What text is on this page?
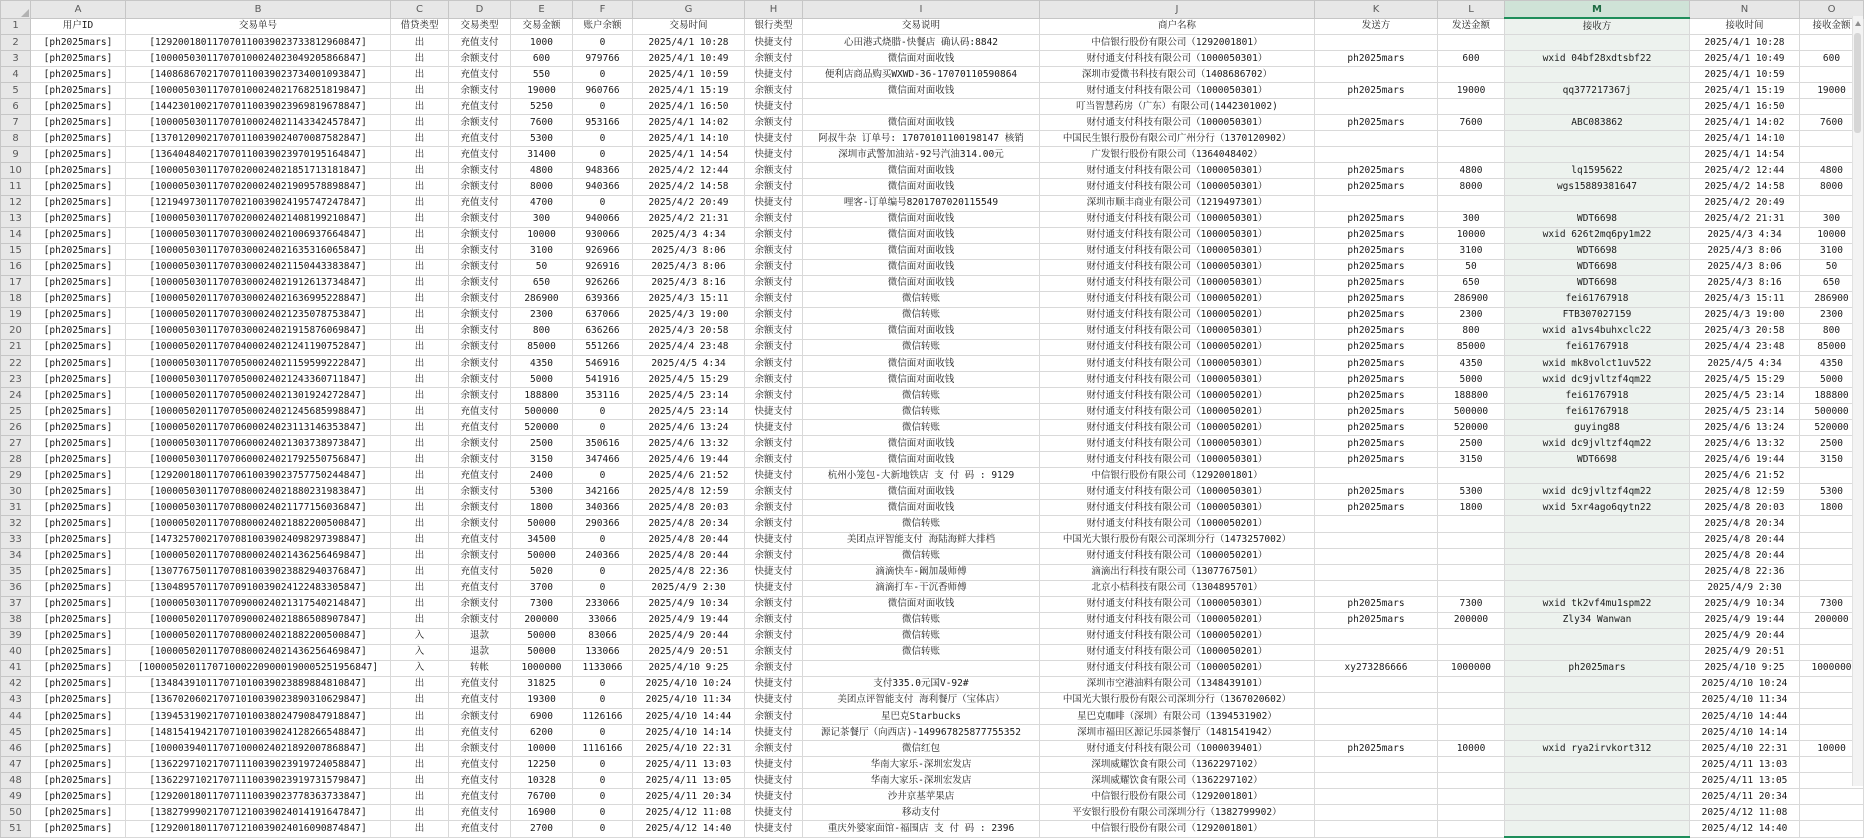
	A	B	C	D	E	F	G	H	I	J	K	L	M	N	O
1	用户ID	交易单号	借贷类型	交易类型	交易金额	账户余额	交易时间	银行类型	交易说明	商户名称	发送方	发送金额	接收方	接收时间	接收金额
2	[ph2025mars]	[129200180117070110039023733812960847]	出	充值支付	1000	0	2025/4/1 10:28	快捷支付	心田港式烧腊-快餐店 确认码:8842	中信银行股份有限公司（1292001801）				2025/4/1 10:28	
3	[ph2025mars]	[100005030117070100024023049205866847]	出	余额支付	600	979766	2025/4/1 10:49	余额支付	微信面对面收钱	财付通支付科技有限公司（1000050301）	ph2025mars	600	wxid 04bf28xdtsbf22	2025/4/1 10:49	600
4	[ph2025mars]	[140868670217070110039023734001093847]	出	充值支付	550	0	2025/4/1 10:59	快捷支付	便利店商品购买WXWD-36-17070110590864	深圳市爱微书科技有限公司（1408686702）				2025/4/1 10:59	
5	[ph2025mars]	[100005030117070100024021768251819847]	出	余额支付	19000	960766	2025/4/1 15:19	余额支付	微信面对面收钱	财付通支付科技有限公司（1000050301）	ph2025mars	19000	qq377217367j	2025/4/1 15:19	19000
6	[ph2025mars]	[144230100217070110039023969819678847]	出	充值支付	5250	0	2025/4/1 16:50	快捷支付		叮当智慧药房（广东）有限公司(1442301002)				2025/4/1 16:50	
7	[ph2025mars]	[100005030117070100024021143342457847]	出	余额支付	7600	953166	2025/4/1 14:02	余额支付	微信面对面收钱	财付通支付科技有限公司（1000050301）	ph2025mars	7600	ABC083862	2025/4/1 14:02	7600
8	[ph2025mars]	[137012090217070110039024070087582847]	出	充值支付	5300	0	2025/4/1 14:10	快捷支付	阿叔牛杂 订单号: 17070101100198147 核销	中国民生银行股份有限公司广州分行（1370120902）				2025/4/1 14:10	
9	[ph2025mars]	[136404840217070110039023970195164847]	出	充值支付	31400	0	2025/4/1 14:54	快捷支付	深圳市武警加油站-92号汽油314.00元	广发银行股份有限公司（1364048402）				2025/4/1 14:54	
10	[ph2025mars]	[100005030117070200024021851713181847]	出	余额支付	4800	948366	2025/4/2 12:44	余额支付	微信面对面收钱	财付通支付科技有限公司（1000050301）	ph2025mars	4800	lq1595622	2025/4/2 12:44	4800
11	[ph2025mars]	[100005030117070200024021909578898847]	出	余额支付	8000	940366	2025/4/2 14:58	余额支付	微信面对面收钱	财付通支付科技有限公司（1000050301）	ph2025mars	8000	wgs15889381647	2025/4/2 14:58	8000
12	[ph2025mars]	[121949730117070210039024195747247847]	出	充值支付	4700	0	2025/4/2 20:49	快捷支付	哩客-订单编号8201707020115549	深圳市顺丰商业有限公司（1219497301）				2025/4/2 20:49	
13	[ph2025mars]	[100005030117070200024021408199210847]	出	余额支付	300	940066	2025/4/2 21:31	余额支付	微信面对面收钱	财付通支付科技有限公司（1000050301）	ph2025mars	300	WDT6698	2025/4/2 21:31	300
14	[ph2025mars]	[100005030117070300024021006937664847]	出	余额支付	10000	930066	2025/4/3 4:34	余额支付	微信面对面收钱	财付通支付科技有限公司（1000050301）	ph2025mars	10000	wxid 626t2mq6py1m22	2025/4/3 4:34	10000
15	[ph2025mars]	[100005030117070300024021635316065847]	出	余额支付	3100	926966	2025/4/3 8:06	余额支付	微信面对面收钱	财付通支付科技有限公司（1000050301）	ph2025mars	3100	WDT6698	2025/4/3 8:06	3100
16	[ph2025mars]	[100005030117070300024021150443383847]	出	余额支付	50	926916	2025/4/3 8:06	余额支付	微信面对面收钱	财付通支付科技有限公司（1000050301）	ph2025mars	50	WDT6698	2025/4/3 8:06	50
17	[ph2025mars]	[100005030117070300024021912613734847]	出	余额支付	650	926266	2025/4/3 8:16	余额支付	微信面对面收钱	财付通支付科技有限公司（1000050301）	ph2025mars	650	WDT6698	2025/4/3 8:16	650
18	[ph2025mars]	[100005020117070300024021636995228847]	出	余额支付	286900	639366	2025/4/3 15:11	余额支付	微信转账	财付通支付科技有限公司（1000050201）	ph2025mars	286900	fei61767918	2025/4/3 15:11	286900
19	[ph2025mars]	[100005020117070300024021235078753847]	出	余额支付	2300	637066	2025/4/3 19:00	余额支付	微信转账	财付通支付科技有限公司（1000050201）	ph2025mars	2300	FTB307027159	2025/4/3 19:00	2300
20	[ph2025mars]	[100005030117070300024021915876069847]	出	余额支付	800	636266	2025/4/3 20:58	余额支付	微信面对面收钱	财付通支付科技有限公司（1000050301）	ph2025mars	800	wxid a1vs4buhxclc22	2025/4/3 20:58	800
21	[ph2025mars]	[100005020117070400024021241190752847]	出	余额支付	85000	551266	2025/4/4 23:48	余额支付	微信转账	财付通支付科技有限公司（1000050201）	ph2025mars	85000	fei61767918	2025/4/4 23:48	85000
22	[ph2025mars]	[100005030117070500024021159599222847]	出	余额支付	4350	546916	2025/4/5 4:34	余额支付	微信面对面收钱	财付通支付科技有限公司（1000050301）	ph2025mars	4350	wxid mk8volct1uv522	2025/4/5 4:34	4350
23	[ph2025mars]	[100005030117070500024021243360711847]	出	余额支付	5000	541916	2025/4/5 15:29	余额支付	微信面对面收钱	财付通支付科技有限公司（1000050301）	ph2025mars	5000	wxid dc9jvltzf4qm22	2025/4/5 15:29	5000
24	[ph2025mars]	[100005020117070500024021301924272847]	出	余额支付	188800	353116	2025/4/5 23:14	余额支付	微信转账	财付通支付科技有限公司（1000050201）	ph2025mars	188800	fei61767918	2025/4/5 23:14	188800
25	[ph2025mars]	[100005020117070500024021245685998847]	出	充值支付	500000	0	2025/4/5 23:14	快捷支付	微信转账	财付通支付科技有限公司（1000050201）	ph2025mars	500000	fei61767918	2025/4/5 23:14	500000
26	[ph2025mars]	[100005020117070600024023113146353847]	出	充值支付	520000	0	2025/4/6 13:24	快捷支付	微信转账	财付通支付科技有限公司（1000050201）	ph2025mars	520000	guying88	2025/4/6 13:24	520000
27	[ph2025mars]	[100005030117070600024021303738973847]	出	余额支付	2500	350616	2025/4/6 13:32	余额支付	微信面对面收钱	财付通支付科技有限公司（1000050301）	ph2025mars	2500	wxid dc9jvltzf4qm22	2025/4/6 13:32	2500
28	[ph2025mars]	[100005030117070600024021792550756847]	出	余额支付	3150	347466	2025/4/6 19:44	余额支付	微信面对面收钱	财付通支付科技有限公司（1000050301）	ph2025mars	3150	WDT6698	2025/4/6 19:44	3150
29	[ph2025mars]	[129200180117070610039023757750244847]	出	充值支付	2400	0	2025/4/6 21:52	快捷支付	杭州小笼包-大新地铁店 支 付 码 : 9129	中信银行股份有限公司（1292001801）				2025/4/6 21:52	
30	[ph2025mars]	[100005030117070800024021880231983847]	出	余额支付	5300	342166	2025/4/8 12:59	余额支付	微信面对面收钱	财付通支付科技有限公司（1000050301）	ph2025mars	5300	wxid dc9jvltzf4qm22	2025/4/8 12:59	5300
31	[ph2025mars]	[100005030117070800024021177156036847]	出	余额支付	1800	340366	2025/4/8 20:03	余额支付	微信面对面收钱	财付通支付科技有限公司（1000050301）	ph2025mars	1800	wxid 5xr4ago6qytn22	2025/4/8 20:03	1800
32	[ph2025mars]	[100005020117070800024021882200500847]	出	余额支付	50000	290366	2025/4/8 20:34	余额支付	微信转账	财付通支付科技有限公司（1000050201）				2025/4/8 20:34	
33	[ph2025mars]	[147325700217070810039024098297398847]	出	充值支付	34500	0	2025/4/8 20:44	快捷支付	美团点评智能支付 海陆海鲜大排档	中国光大银行股份有限公司深圳分行（1473257002）				2025/4/8 20:44	
34	[ph2025mars]	[100005020117070800024021436256469847]	出	余额支付	50000	240366	2025/4/8 20:44	余额支付	微信转账	财付通支付科技有限公司（1000050201）				2025/4/8 20:44	
35	[ph2025mars]	[130776750117070810039023882940376847]	出	充值支付	5020	0	2025/4/8 22:36	快捷支付	滴滴快车-阚加晟师傅	滴滴出行科技有限公司（1307767501）				2025/4/8 22:36	
36	[ph2025mars]	[130489570117070910039024122483305847]	出	充值支付	3700	0	2025/4/9 2:30	快捷支付	滴滴打车-干沉香师傅	北京小桔科技有限公司（1304895701）				2025/4/9 2:30	
37	[ph2025mars]	[100005030117070900024021317540214847]	出	余额支付	7300	233066	2025/4/9 10:34	余额支付	微信面对面收钱	财付通支付科技有限公司（1000050301）	ph2025mars	7300	wxid tk2vf4mu1spm22	2025/4/9 10:34	7300
38	[ph2025mars]	[100005020117070900024021886508907847]	出	余额支付	200000	33066	2025/4/9 19:44	余额支付	微信转账	财付通支付科技有限公司（1000050201）	ph2025mars	200000	Zly34 Wanwan	2025/4/9 19:44	200000
39	[ph2025mars]	[100005020117070800024021882200500847]	入	退款	50000	83066	2025/4/9 20:44	余额支付	微信转账	财付通支付科技有限公司（1000050201）				2025/4/9 20:44	
40	[ph2025mars]	[100005020117070800024021436256469847]	入	退款	50000	133066	2025/4/9 20:51	余额支付	微信转账	财付通支付科技有限公司（1000050201）				2025/4/9 20:51	
41	[ph2025mars]	[1000050201170710002209000190005251956847]	入	转帐	1000000	1133066	2025/4/10 9:25	余额支付		财付通支付科技有限公司（1000050201）	xy273286666	1000000	ph2025mars	2025/4/10 9:25	1000000
42	[ph2025mars]	[134843910117071010039023889884810847]	出	充值支付	31825	0	2025/4/10 10:24	快捷支付	支付335.0元国V-92#	深圳市空港油料有限公司（1348439101）				2025/4/10 10:24	
43	[ph2025mars]	[136702060217071010039023890310629847]	出	充值支付	19300	0	2025/4/10 11:34	快捷支付	美团点评智能支付 海利餐厅（宝体店）	中国光大银行股份有限公司深圳分行（1367020602）				2025/4/10 11:34	
44	[ph2025mars]	[139453190217071010038024790847918847]	出	余额支付	6900	1126166	2025/4/10 14:44	余额支付	星巴克Starbucks	星巴克咖啡（深圳）有限公司（1394531902）				2025/4/10 14:44	
45	[ph2025mars]	[148154194217071010039024128266548847]	出	充值支付	6200	0	2025/4/10 14:14	快捷支付	源记茶餐厅（向西店)-149967825877755352	深圳市福田区源记乐园茶餐厅（1481541942）				2025/4/10 14:14	
46	[ph2025mars]	[100003940117071000024021892007868847]	出	余额支付	10000	1116166	2025/4/10 22:31	余额支付	微信红包	财付通支付科技有限公司（1000039401）	ph2025mars	10000	wxid rya2irvkort312	2025/4/10 22:31	10000
47	[ph2025mars]	[136229710217071110039023919724058847]	出	充值支付	12250	0	2025/4/11 13:03	快捷支付	华南大家乐-深圳宏发店	深圳威耀饮食有限公司（1362297102）				2025/4/11 13:03	
48	[ph2025mars]	[136229710217071110039023919731579847]	出	充值支付	10328	0	2025/4/11 13:05	快捷支付	华南大家乐-深圳宏发店	深圳威耀饮食有限公司（1362297102）				2025/4/11 13:05	
49	[ph2025mars]	[129200180117071110039023778363733847]	出	充值支付	76700	0	2025/4/11 20:34	快捷支付	沙井京基苹果店	中信银行股份有限公司（1292001801）				2025/4/11 20:34	
50	[ph2025mars]	[138279990217071210039024014191647847]	出	充值支付	16900	0	2025/4/12 11:08	快捷支付	移动支付	平安银行股份有限公司深圳分行（1382799902）				2025/4/12 11:08	
51	[ph2025mars]	[129200180117071210039024016090874847]	出	充值支付	2700	0	2025/4/12 14:40	快捷支付	重庆外婆家面馆-福围店 支 付 码 : 2396	中信银行股份有限公司（1292001801）				2025/4/12 14:40	
